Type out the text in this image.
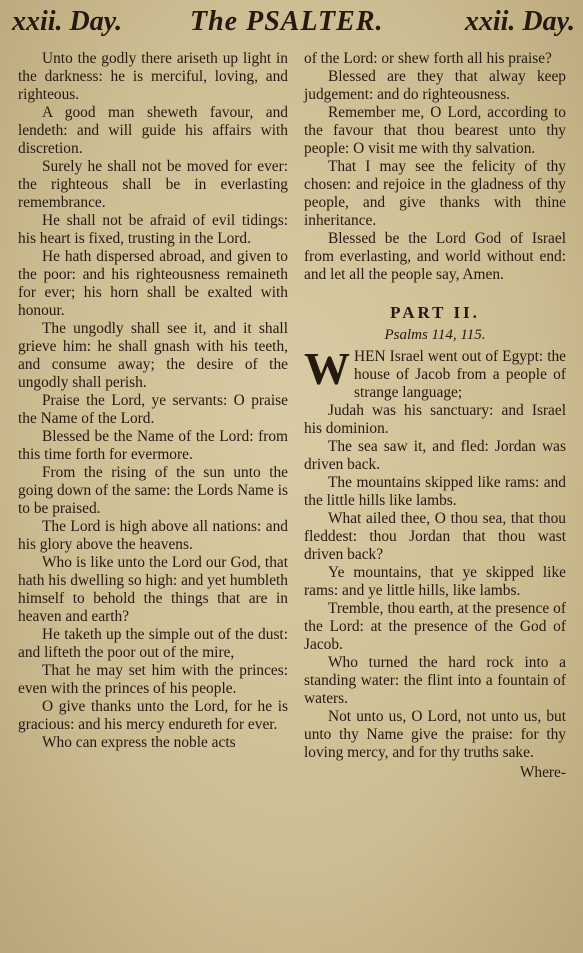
xxii. Day. The PSALTER.	xxii. Day.

Unto the godly there ariseth up light in the darkness: he is merciful, loving, and righteous.

A good man sheweth favour, and lendeth: and will guide his affairs with discretion.

Surely he shall not be moved for ever: the righteous shall be in everlasting remembrance.

He shall not be afraid of evil tidings: his heart is fixed, trusting in the Lord.

He hath dispersed abroad, and given to the poor: and his righteousness remaineth for ever; his horn shall be exalted with honour.

The ungodly shall see it, and it shall grieve him: he shall gnash with his teeth, and consume away; the desire of the ungodly shall perish.

Praise the Lord, ye servants: O praise the Name of the Lord.

Blessed be the Name of the Lord: from this time forth for evermore.

From the rising of the sun unto the going down of the same: the Lords Name is to be praised.

The Lord is high above all nations: and his glory above the heavens.

Who is like unto the Lord our God, that hath his dwelling so high: and yet humbleth himself to behold the things that are in heaven and earth?

He taketh up the simple out of the dust: and lifteth the poor out of the mire,

That he may set him with the princes: even with the princes of his people.

O give thanks unto the Lord, for he is gracious: and his mercy endureth for ever.

Who can express the noble acts

of the Lord: or shew forth all his praise?

Blessed are they that alway keep judgement: and do righteousness.

Remember me, O Lord, according to the favour that thou bearest unto thy people: O visit me with thy salvation.

That I may see the felicity of thy chosen: and rejoice in the gladness of thy people, and give thanks with thine inheritance.

Blessed be the Lord God of Israel from everlasting, and world without end: and let all the people say, Amen.

PART II.
Psalms 114, 115.

WHEN Israel went out of Egypt: the house of Jacob from a people of strange language;

Judah was his sanctuary: and Israel his dominion.

The sea saw it, and fled: Jordan was driven back.

The mountains skipped like rams: and the little hills like lambs.

What ailed thee, O thou sea, that thou fleddest: thou Jordan that thou wast driven back?

Ye mountains, that ye skipped like rams: and ye little hills, like lambs.

Tremble, thou earth, at the presence of the Lord: at the presence of the God of Jacob.

Who turned the hard rock into a standing water: the flint into a fountain of waters.

Not unto us, O Lord, not unto us, but unto thy Name give the praise: for thy loving mercy, and for thy truths sake.

Where-
